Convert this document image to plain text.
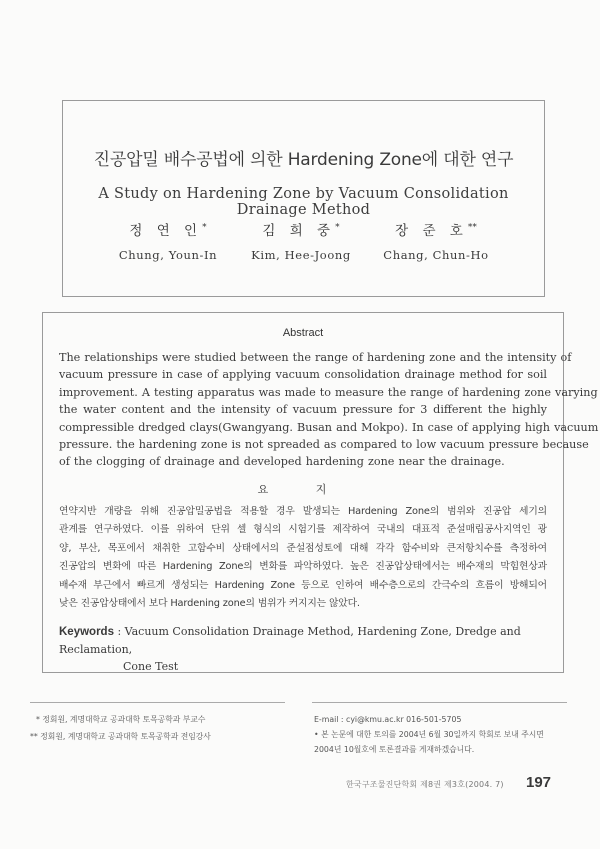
진공압밀 배수공법에 의한 Hardening Zone에 대한 연구
A Study on Hardening Zone by Vacuum Consolidation Drainage Method
정 연 인*
Chung, Youn-In
김 희 중*
Kim, Hee-Joong
장 준 호**
Chang, Chun-Ho
Abstract
The relationships were studied between the range of hardening zone and the intensity of
vacuum pressure in case of applying vacuum consolidation drainage method for soil
improvement. A testing apparatus was made to measure the range of hardening zone varying
the water content and the intensity of vacuum pressure for 3 different the highly
compressible dredged clays(Gwangyang. Busan and Mokpo). In case of applying high vacuum
pressure. the hardening zone is not spreaded as compared to low vacuum pressure because
of the clogging of drainage and developed hardening zone near the drainage.
요 지
연약지반 개량을 위해 진공압밀공법을 적용할 경우 발생되는 Hardening Zone의 범위와 진공압 세기의
관계를 연구하였다. 이를 위하여 단위 셀 형식의 시험기를 제작하여 국내의 대표적 준설매립공사지역인 광
양, 부산, 목포에서 채취한 고함수비 상태에서의 준설점성토에 대해 각각 함수비와 큰저항치수를 측정하여
진공압의 변화에 따른 Hardening Zone의 변화를 파악하였다. 높은 진공압상태에서는 배수재의 막힘현상과
배수재 부근에서 빠르게 생성되는 Hardening Zone 등으로 인하여 배수층으로의 간극수의 흐름이 방해되어
낮은 진공압상태에서 보다 Hardening zone의 범위가 커지지는 않았다.
Keywords : Vacuum Consolidation Drainage Method, Hardening Zone, Dredge and Reclamation,
Cone Test
* 정회원, 계명대학교 공과대학 토목공학과 부교수
** 정회원, 계명대학교 공과대학 토목공학과 전임강사
E-mail : cyi@kmu.ac.kr 016-501-5705
• 본 논문에 대한 토의를 2004년 6월 30일까지 학회로 보내 주시면 2004년 10월호에 토론결과를 게재하겠습니다.
한국구조물진단학회 제8권 제3호(2004. 7) 197
